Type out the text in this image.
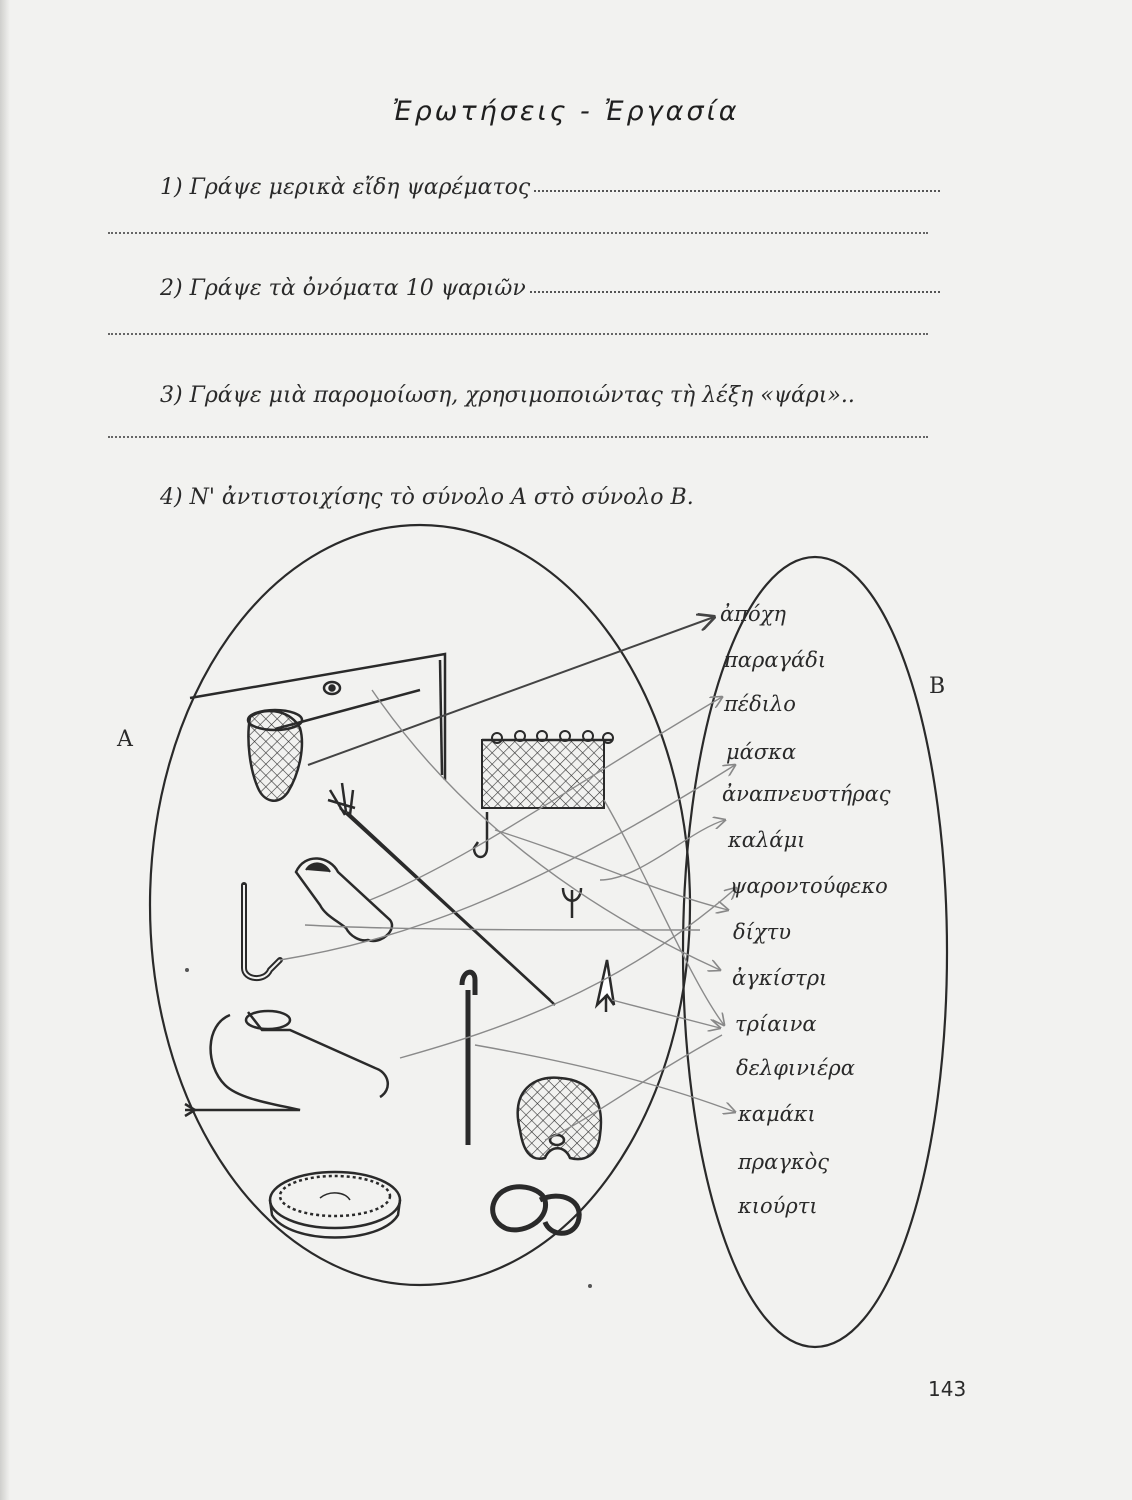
Ἐρωτήσεις - Ἐργασία
1) Γράψε μερικὰ εἴδη ψαρέματος
2) Γράψε τὰ ὀνόματα 10 ψαριῶν
3) Γράψε μιὰ παρομοίωση, χρησιμοποιώντας τὴ λέξη «ψάρι»..
4) Ν' ἀντιστοιχίσης τὸ σύνολο Α στὸ σύνολο Β.
Α
Β
ἀπόχη
παραγάδι
πέδιλο
μάσκα
ἀναπνευστήρας
καλάμι
ψαροντούφεκο
δίχτυ
ἀγκίστρι
τρίαινα
δελφινιέρα
καμάκι
πραγκὸς
κιούρτι
143
